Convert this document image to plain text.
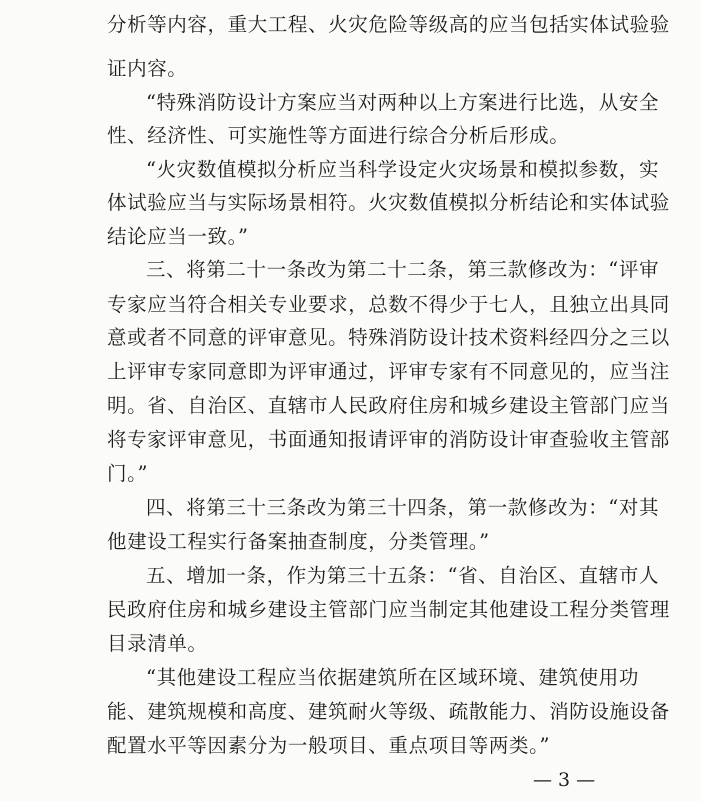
分析等内容，重大工程、火灾危险等级高的应当包括实体试验验
证内容。
“特殊消防设计方案应当对两种以上方案进行比选，从安全
性、经济性、可实施性等方面进行综合分析后形成。
“火灾数值模拟分析应当科学设定火灾场景和模拟参数，实
体试验应当与实际场景相符。火灾数值模拟分析结论和实体试验
结论应当一致。”
三、将第二十一条改为第二十二条，第三款修改为：“评审
专家应当符合相关专业要求，总数不得少于七人，且独立出具同
意或者不同意的评审意见。特殊消防设计技术资料经四分之三以
上评审专家同意即为评审通过，评审专家有不同意见的，应当注
明。省、自治区、直辖市人民政府住房和城乡建设主管部门应当
将专家评审意见，书面通知报请评审的消防设计审查验收主管部
门。”
四、将第三十三条改为第三十四条，第一款修改为：“对其
他建设工程实行备案抽查制度，分类管理。”
五、增加一条，作为第三十五条：“省、自治区、直辖市人
民政府住房和城乡建设主管部门应当制定其他建设工程分类管理
目录清单。
“其他建设工程应当依据建筑所在区域环境、建筑使用功
能、建筑规模和高度、建筑耐火等级、疏散能力、消防设施设备
配置水平等因素分为一般项目、重点项目等两类。”
— 3 —
